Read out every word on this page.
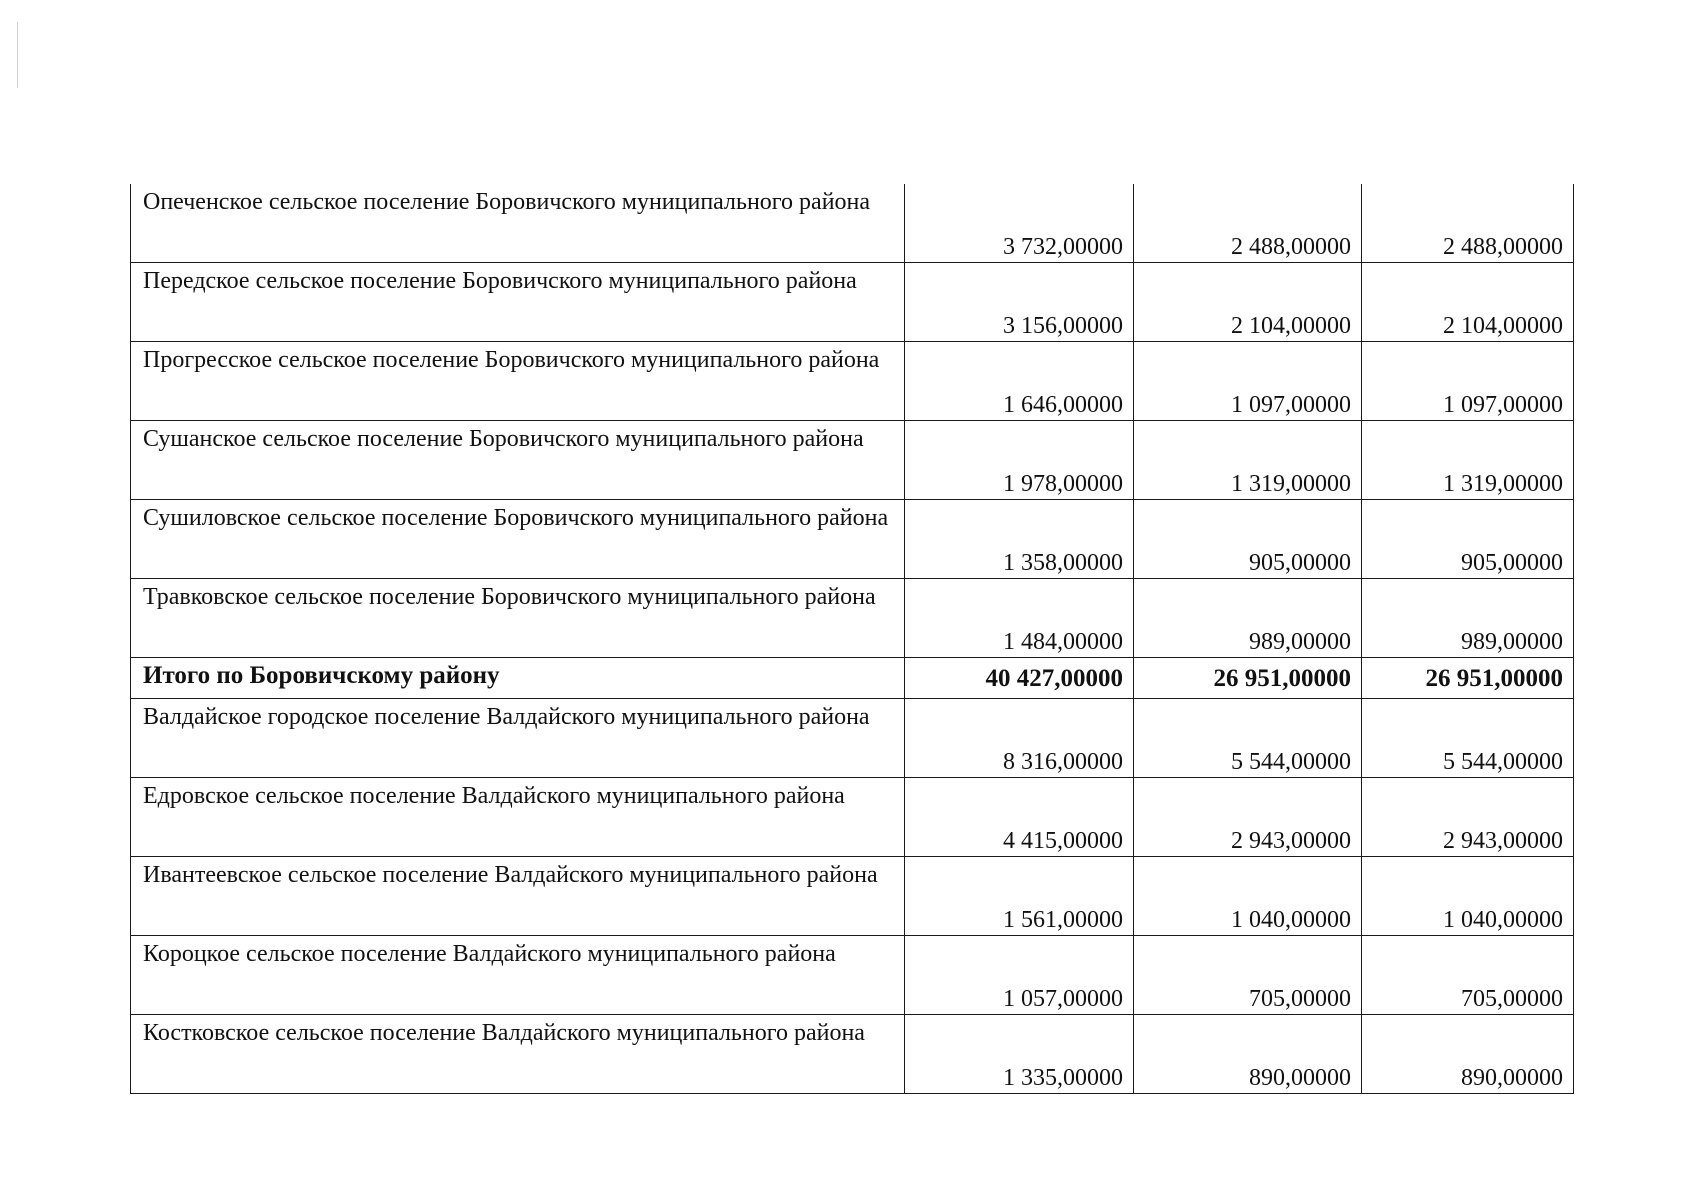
Опеченское сельское поселение Боровичского муниципального района	3 732,00000	2 488,00000	2 488,00000

Передское сельское поселение Боровичского муниципального района	3 156,00000	2 104,00000	2 104,00000

Прогресское сельское поселение Боровичского муниципального района	1 646,00000	1 097,00000	1 097,00000

Сушанское сельское поселение Боровичского муниципального района	1 978,00000	1 319,00000	1 319,00000

Сушиловское сельское поселение Боровичского муниципального района	1 358,00000	905,00000	905,00000

Травковское сельское поселение Боровичского муниципального района	1 484,00000	989,00000	989,00000

Итого по Боровичскому району	40 427,00000	26 951,00000	26 951,00000
Валдайское городское поселение Валдайского муниципального района	8 316,00000	5 544,00000	5 544,00000

Едровское сельское поселение Валдайского муниципального района	4 415,00000	2 943,00000	2 943,00000

Ивантеевское сельское поселение Валдайского муниципального района	1 561,00000	1 040,00000	1 040,00000

Короцкое сельское поселение Валдайского муниципального района	1 057,00000	705,00000	705,00000

Костковское сельское поселение Валдайского муниципального района	1 335,00000	890,00000	890,00000
